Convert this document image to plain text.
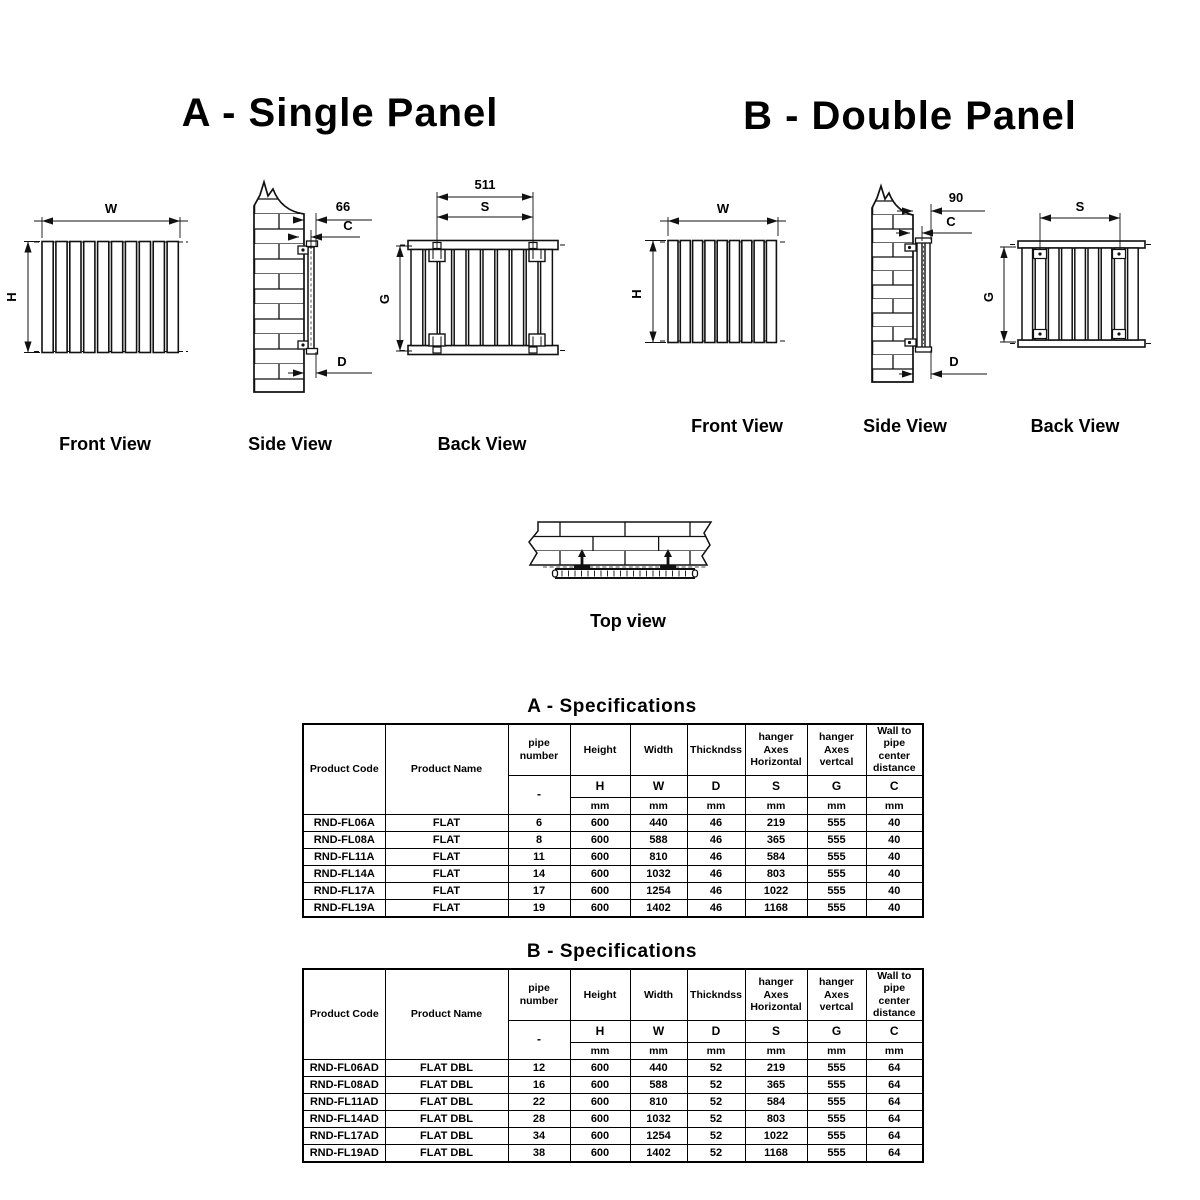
A - Single Panel	B - Double Panel
W
H
Front View
66
C
D
Side View
511
S
G
Back View
W
H
Front View
90
C
D
Side View
S
G
Back View
Top view
A - Specifications
Product Code	Product Name	pipe number	Height	Width	Thickndss	hanger Axes Horizontal	hanger Axes vertcal	Wall to pipe center distance
		-	H	W	D	S	G	C
			mm	mm	mm	mm	mm	mm
RND-FL06A	FLAT	6	600	440	46	219	555	40
RND-FL08A	FLAT	8	600	588	46	365	555	40
RND-FL11A	FLAT	11	600	810	46	584	555	40
RND-FL14A	FLAT	14	600	1032	46	803	555	40
RND-FL17A	FLAT	17	600	1254	46	1022	555	40
RND-FL19A	FLAT	19	600	1402	46	1168	555	40
B - Specifications
Product Code	Product Name	pipe number	Height	Width	Thickndss	hanger Axes Horizontal	hanger Axes vertcal	Wall to pipe center distance
		-	H	W	D	S	G	C
			mm	mm	mm	mm	mm	mm
RND-FL06AD	FLAT DBL	12	600	440	52	219	555	64
RND-FL08AD	FLAT DBL	16	600	588	52	365	555	64
RND-FL11AD	FLAT DBL	22	600	810	52	584	555	64
RND-FL14AD	FLAT DBL	28	600	1032	52	803	555	64
RND-FL17AD	FLAT DBL	34	600	1254	52	1022	555	64
RND-FL19AD	FLAT DBL	38	600	1402	52	1168	555	64
